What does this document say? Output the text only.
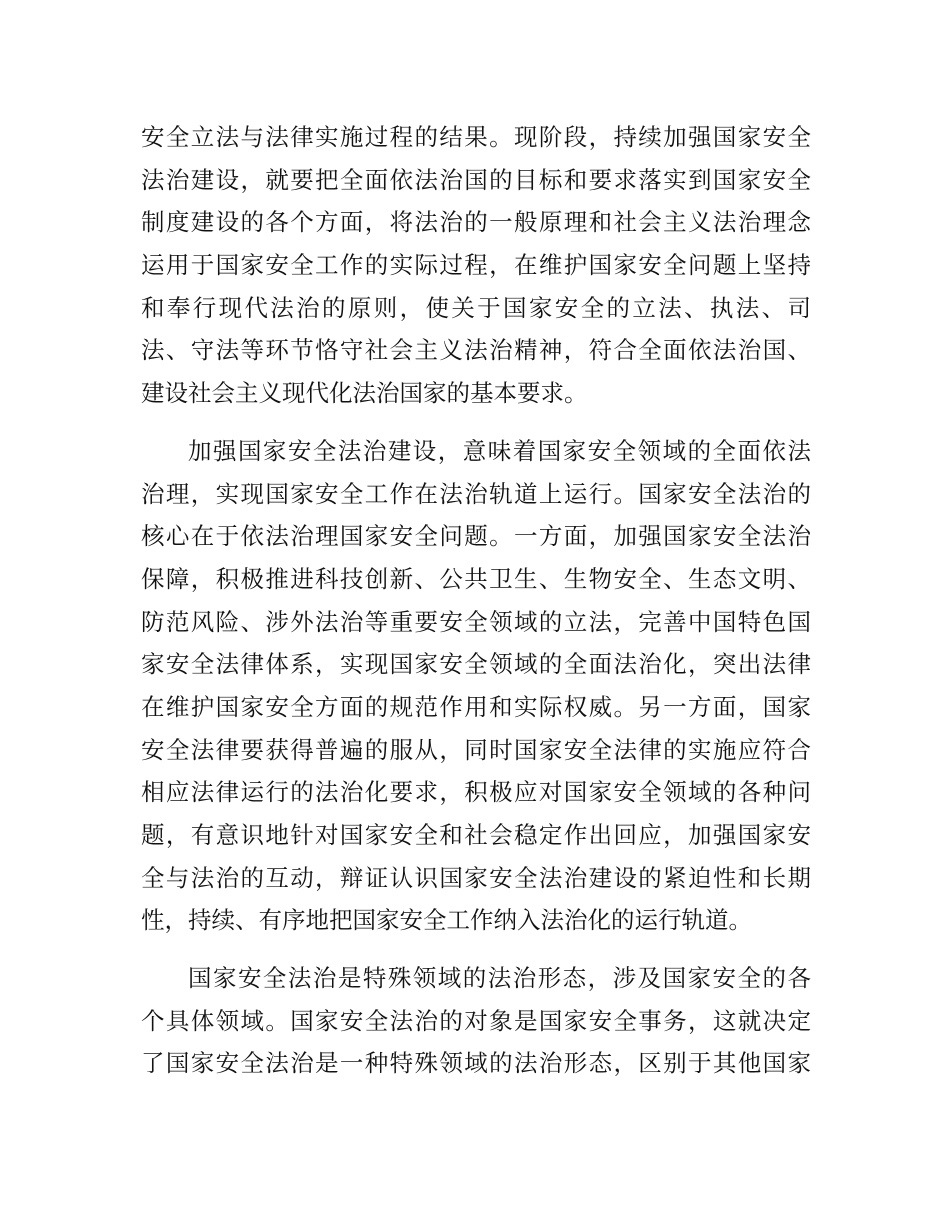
安全立法与法律实施过程的结果。现阶段，持续加强国家安全
法治建设，就要把全面依法治国的目标和要求落实到国家安全
制度建设的各个方面，将法治的一般原理和社会主义法治理念
运用于国家安全工作的实际过程，在维护国家安全问题上坚持
和奉行现代法治的原则，使关于国家安全的立法、执法、司
法、守法等环节恪守社会主义法治精神，符合全面依法治国、
建设社会主义现代化法治国家的基本要求。
加强国家安全法治建设，意味着国家安全领域的全面依法
治理，实现国家安全工作在法治轨道上运行。国家安全法治的
核心在于依法治理国家安全问题。一方面，加强国家安全法治
保障，积极推进科技创新、公共卫生、生物安全、生态文明、
防范风险、涉外法治等重要安全领域的立法，完善中国特色国
家安全法律体系，实现国家安全领域的全面法治化，突出法律
在维护国家安全方面的规范作用和实际权威。另一方面，国家
安全法律要获得普遍的服从，同时国家安全法律的实施应符合
相应法律运行的法治化要求，积极应对国家安全领域的各种问
题，有意识地针对国家安全和社会稳定作出回应，加强国家安
全与法治的互动，辩证认识国家安全法治建设的紧迫性和长期
性，持续、有序地把国家安全工作纳入法治化的运行轨道。
国家安全法治是特殊领域的法治形态，涉及国家安全的各
个具体领域。国家安全法治的对象是国家安全事务，这就决定
了国家安全法治是一种特殊领域的法治形态，区别于其他国家
